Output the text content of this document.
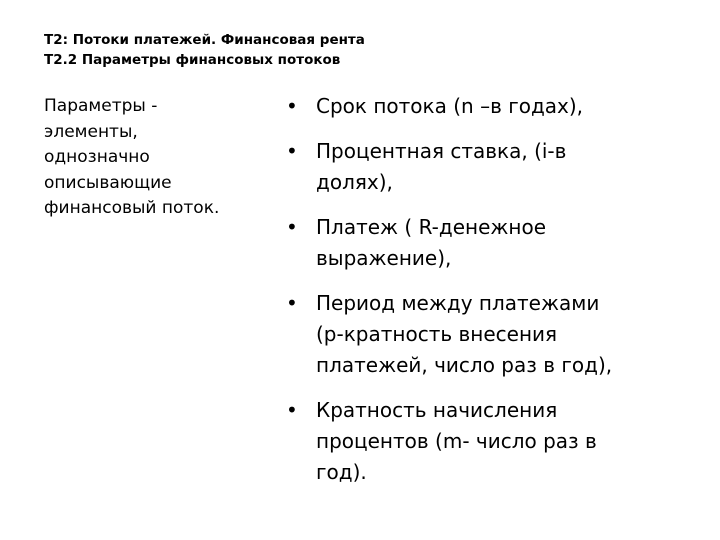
Т2: Потоки платежей. Финансовая рента
Т2.2 Параметры финансовых потоков
Параметры -
элементы,
однозначно
описывающие
финансовый поток.
• Срок потока (n –в годах),
• Процентная ставка, (i-в
долях),
• Платеж ( R-денежное
выражение),
• Период между платежами
(p-кратность внесения
платежей, число раз в год),
• Кратность начисления
процентов (m- число раз в
год).
